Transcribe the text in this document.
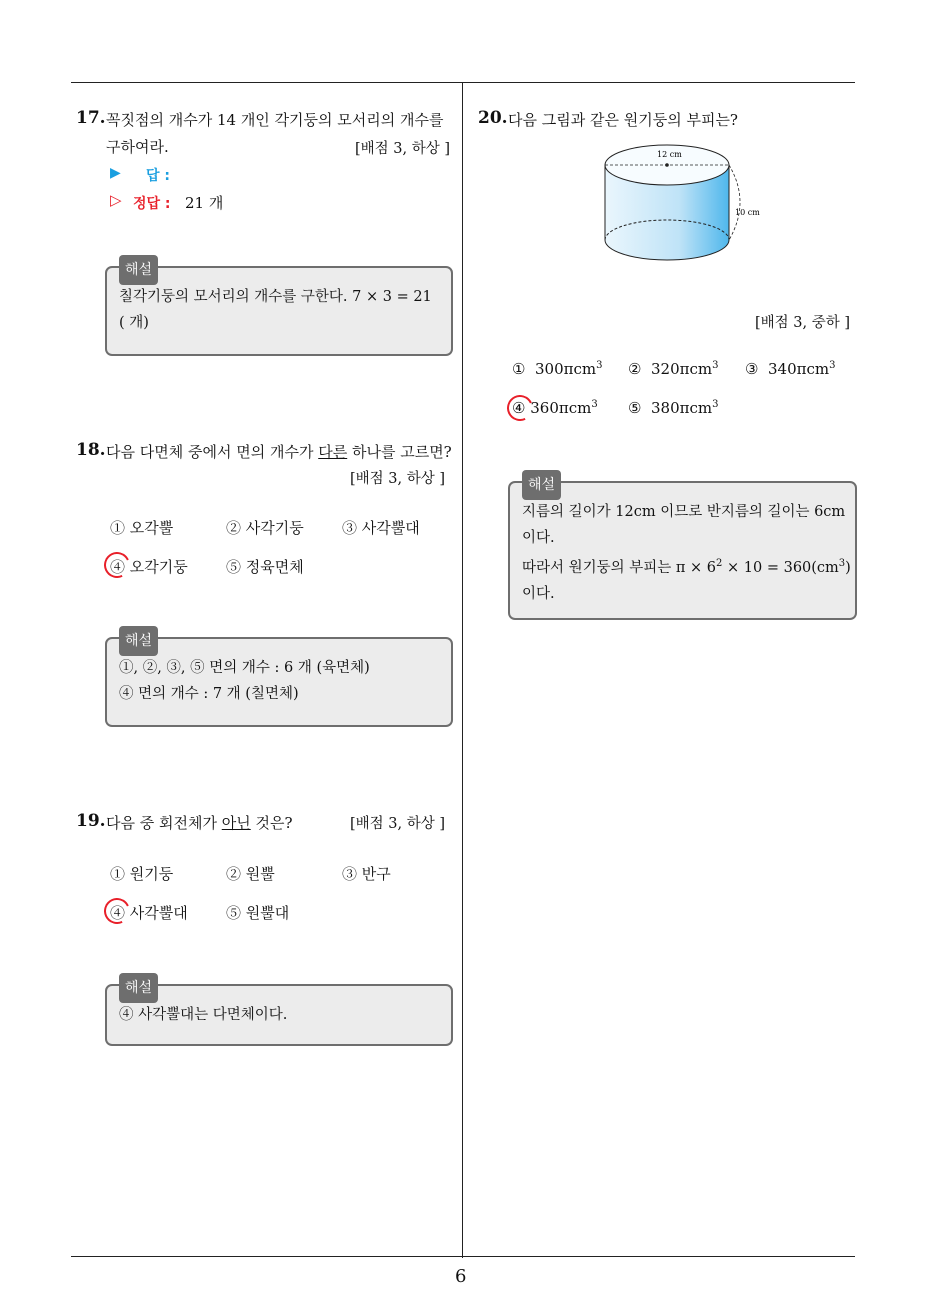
17. 꼭짓점의 개수가 14 개인 각기둥의 모서리의 개수를
구하여라.	[배점 3, 하상 ]
▶ 답 :
▷ 정답 : 21 개
해설
칠각기둥의 모서리의 개수를 구한다. 7 × 3 = 21
( 개)
18. 다음 다면체 중에서 면의 개수가 다른 하나를 고르면?
[배점 3, 하상 ]
① 오각뿔	② 사각기둥	③ 사각뿔대
④ 오각기둥	⑤ 정육면체
해설
①, ②, ③, ⑤ 면의 개수 : 6 개 (육면체)
④ 면의 개수 : 7 개 (칠면체)
19. 다음 중 회전체가 아닌 것은?	[배점 3, 하상 ]
① 원기둥	② 원뿔	③ 반구
④ 사각뿔대	⑤ 원뿔대
해설
④ 사각뿔대는 다면체이다.
20. 다음 그림과 같은 원기둥의 부피는?
12 cm
10 cm
[배점 3, 중하 ]
① 300πcm$^3$ ② 320πcm$^3$ ③ 340πcm$^3$
④ 360πcm$^3$ ⑤ 380πcm$^3$
해설
지름의 길이가 12cm 이므로 반지름의 길이는 6cm
이다.
따라서 원기둥의 부피는 $\pi \times 6^2 \times 10 = 360(cm^3)$
이다.
6
